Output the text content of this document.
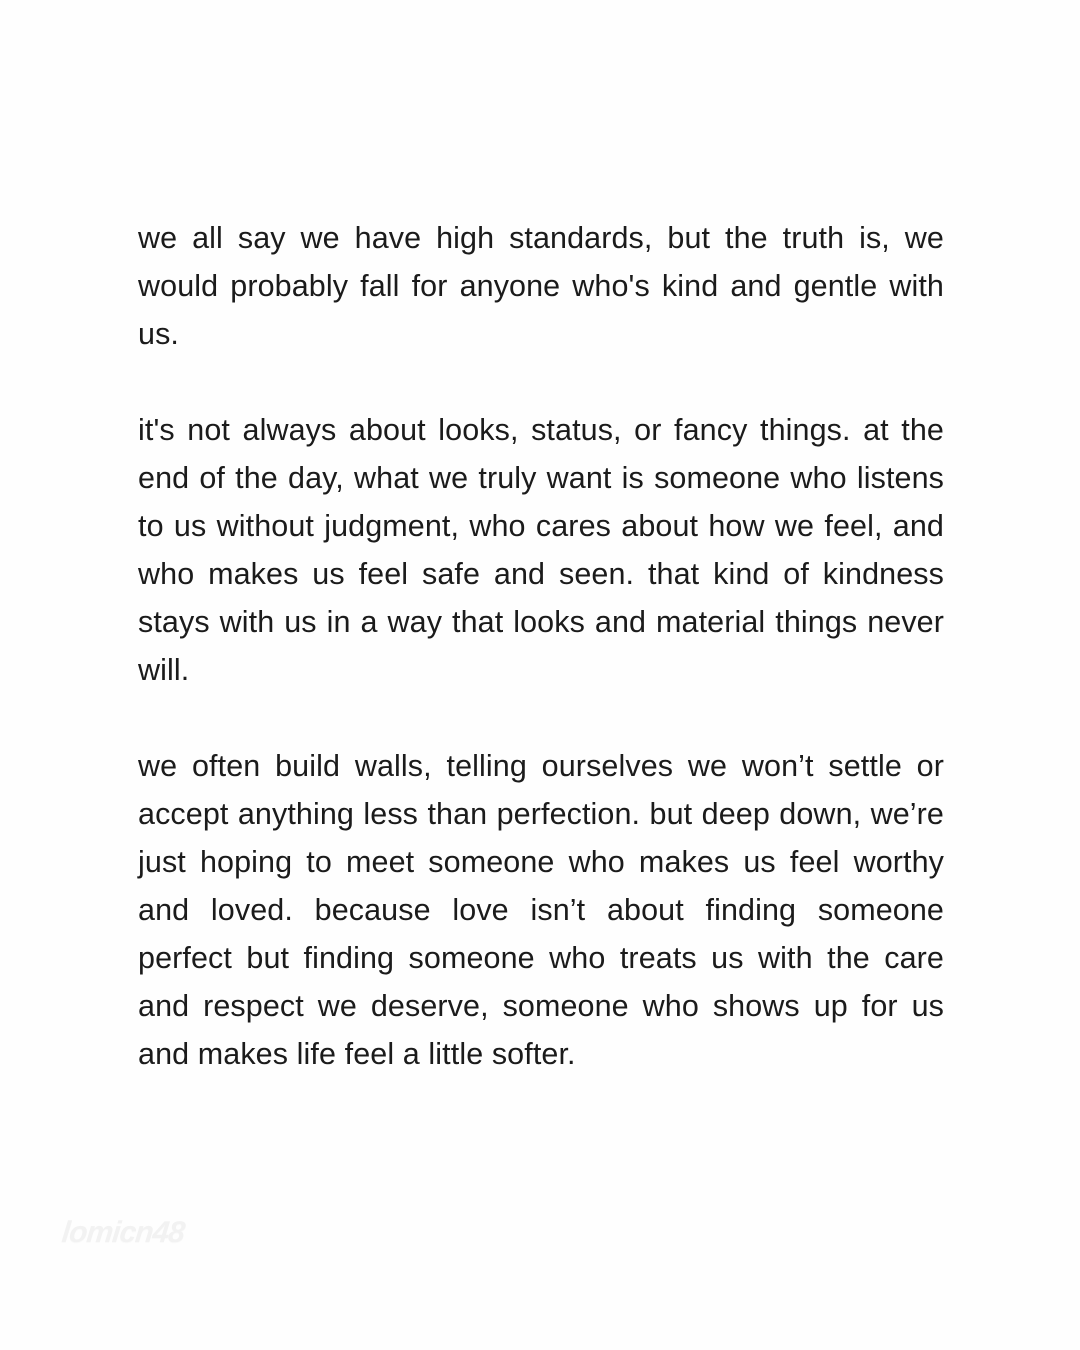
we all say we have high standards, but the truth is, we would probably fall for anyone who's kind and gentle with us.

it's not always about looks, status, or fancy things. at the end of the day, what we truly want is someone who listens to us without judgment, who cares about how we feel, and who makes us feel safe and seen. that kind of kindness stays with us in a way that looks and material things never will.

we often build walls, telling ourselves we won’t settle or accept anything less than perfection. but deep down, we’re just hoping to meet someone who makes us feel worthy and loved. because love isn’t about finding someone perfect but finding someone who treats us with the care and respect we deserve, someone who shows up for us and makes life feel a little softer.

lomicn48
